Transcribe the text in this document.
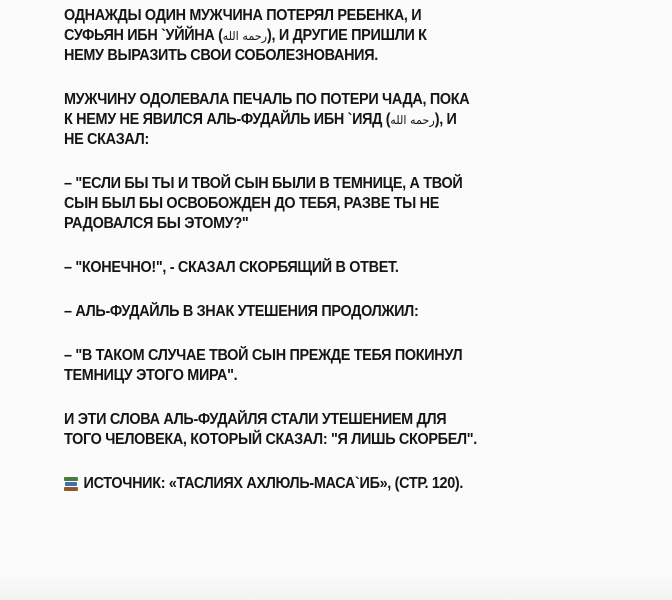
ОДНАЖДЫ ОДИН МУЖЧИНА ПОТЕРЯЛ РЕБЕНКА, И
СУФЬЯН ИБН `УЙЙНА (رحمه الله), И ДРУГИЕ ПРИШЛИ К
НЕМУ ВЫРАЗИТЬ СВОИ СОБОЛЕЗНОВАНИЯ.

МУЖЧИНУ ОДОЛЕВАЛА ПЕЧАЛЬ ПО ПОТЕРИ ЧАДА, ПОКА
К НЕМУ НЕ ЯВИЛСЯ АЛЬ-ФУДАЙЛЬ ИБН `ИЯД (رحمه الله), И
НЕ СКАЗАЛ:

– "ЕСЛИ БЫ ТЫ И ТВОЙ СЫН БЫЛИ В ТЕМНИЦЕ, А ТВОЙ
СЫН БЫЛ БЫ ОСВОБОЖДЕН ДО ТЕБЯ, РАЗВЕ ТЫ НЕ
РАДОВАЛСЯ БЫ ЭТОМУ?"

– "КОНЕЧНО!", - СКАЗАЛ СКОРБЯЩИЙ В ОТВЕТ.

– АЛЬ-ФУДАЙЛЬ В ЗНАК УТЕШЕНИЯ ПРОДОЛЖИЛ:

– "В ТАКОМ СЛУЧАЕ ТВОЙ СЫН ПРЕЖДЕ ТЕБЯ ПОКИНУЛ
ТЕМНИЦУ ЭТОГО МИРА".

И ЭТИ СЛОВА АЛЬ-ФУДАЙЛЯ СТАЛИ УТЕШЕНИЕМ ДЛЯ
ТОГО ЧЕЛОВЕКА, КОТОРЫЙ СКАЗАЛ: "Я ЛИШЬ СКОРБЕЛ".

ИСТОЧНИК: «ТАСЛИЯХ АХЛЮЛЬ-МАСА`ИБ», (СТР. 120).
